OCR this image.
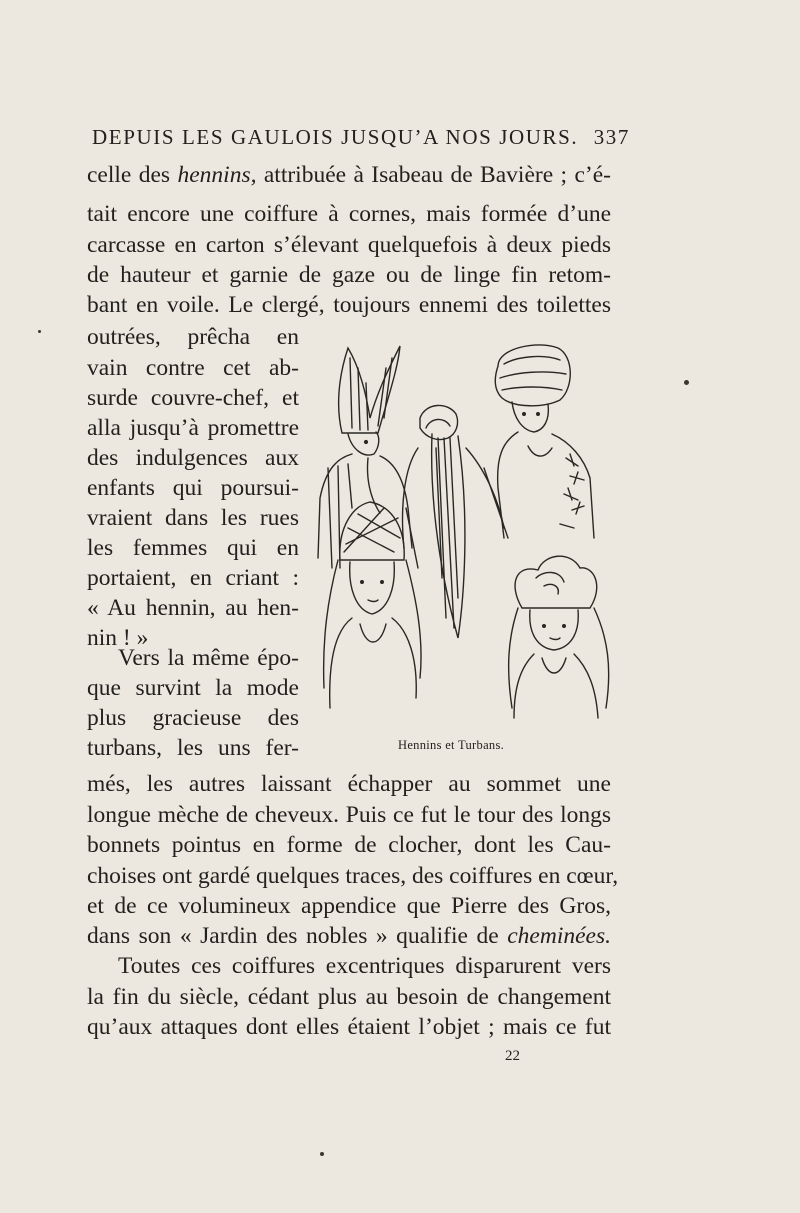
DEPUIS LES GAULOIS JUSQU’A NOS JOURS. 337
celle des hennins, attribuée à Isabeau de Bavière ; c’é-
tait encore une coiffure à cornes, mais formée d’une
carcasse en carton s’élevant quelquefois à deux pieds
de hauteur et garnie de gaze ou de linge fin retom-
bant en voile. Le clergé, toujours ennemi des toilettes
outrées, prêcha en
vain contre cet ab-
surde couvre-chef, et
alla jusqu’à promettre
des indulgences aux
enfants qui poursui-
vraient dans les rues
les femmes qui en
portaient, en criant :
« Au hennin, au hen-
nin ! »
Vers la même épo-
que survint la mode
plus gracieuse des
turbans, les uns fer-	Hennins et Turbans.
més, les autres laissant échapper au sommet une
longue mèche de cheveux. Puis ce fut le tour des longs
bonnets pointus en forme de clocher, dont les Cau-
choises ont gardé quelques traces, des coiffures en cœur,
et de ce volumineux appendice que Pierre des Gros,
dans son « Jardin des nobles » qualifie de cheminées.
Toutes ces coiffures excentriques disparurent vers
la fin du siècle, cédant plus au besoin de changement
qu’aux attaques dont elles étaient l’objet ; mais ce fut
22
